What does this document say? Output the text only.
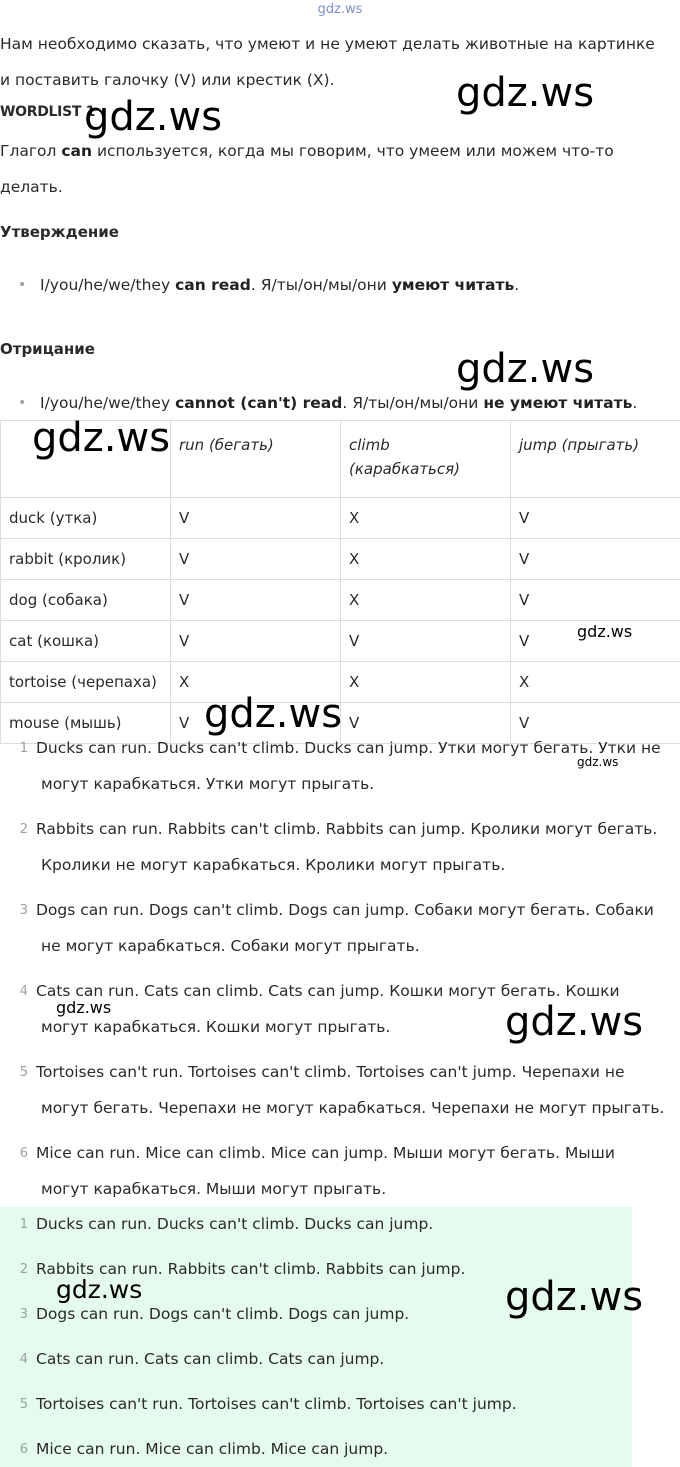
gdz.ws
Нам необходимо сказать, что умеют и не умеют делать животные на картинке
и поставить галочку (V) или крестик (X).
WORDLIST 1
Глагол can используется, когда мы говорим, что умеем или можем что-то
делать.
Утверждение
• I/you/he/we/they can read. Я/ты/он/мы/они умеют читать.
Отрицание
• I/you/he/we/they cannot (can't) read. Я/ты/он/мы/они не умеют читать.
	run (бегать)	climb
(карабкаться)	jump (прыгать)
duck (утка)	V	X	V
rabbit (кролик)	V	X	V
dog (собака)	V	X	V
cat (кошка)	V	V	V
tortoise (черепаха)	X	X	X
mouse (мышь)	V	V	V
1 Ducks can run. Ducks can't climb. Ducks can jump. Утки могут бегать. Утки не
могут карабкаться. Утки могут прыгать.
2 Rabbits can run. Rabbits can't climb. Rabbits can jump. Кролики могут бегать.
Кролики не могут карабкаться. Кролики могут прыгать.
3 Dogs can run. Dogs can't climb. Dogs can jump. Собаки могут бегать. Собаки
не могут карабкаться. Собаки могут прыгать.
4 Cats can run. Cats can climb. Cats can jump. Кошки могут бегать. Кошки
могут карабкаться. Кошки могут прыгать.
5 Tortoises can't run. Tortoises can't climb. Tortoises can't jump. Черепахи не
могут бегать. Черепахи не могут карабкаться. Черепахи не могут прыгать.
6 Mice can run. Mice can climb. Mice can jump. Мыши могут бегать. Мыши
могут карабкаться. Мыши могут прыгать.
1 Ducks can run. Ducks can't climb. Ducks can jump.
2 Rabbits can run. Rabbits can't climb. Rabbits can jump.
3 Dogs can run. Dogs can't climb. Dogs can jump.
4 Cats can run. Cats can climb. Cats can jump.
5 Tortoises can't run. Tortoises can't climb. Tortoises can't jump.
6 Mice can run. Mice can climb. Mice can jump.
gdz.ws
gdz.ws
gdz.ws
gdz.ws
gdz.ws
gdz.ws
gdz.ws
gdz.ws	gdz.ws
gdz.ws	gdz.ws
